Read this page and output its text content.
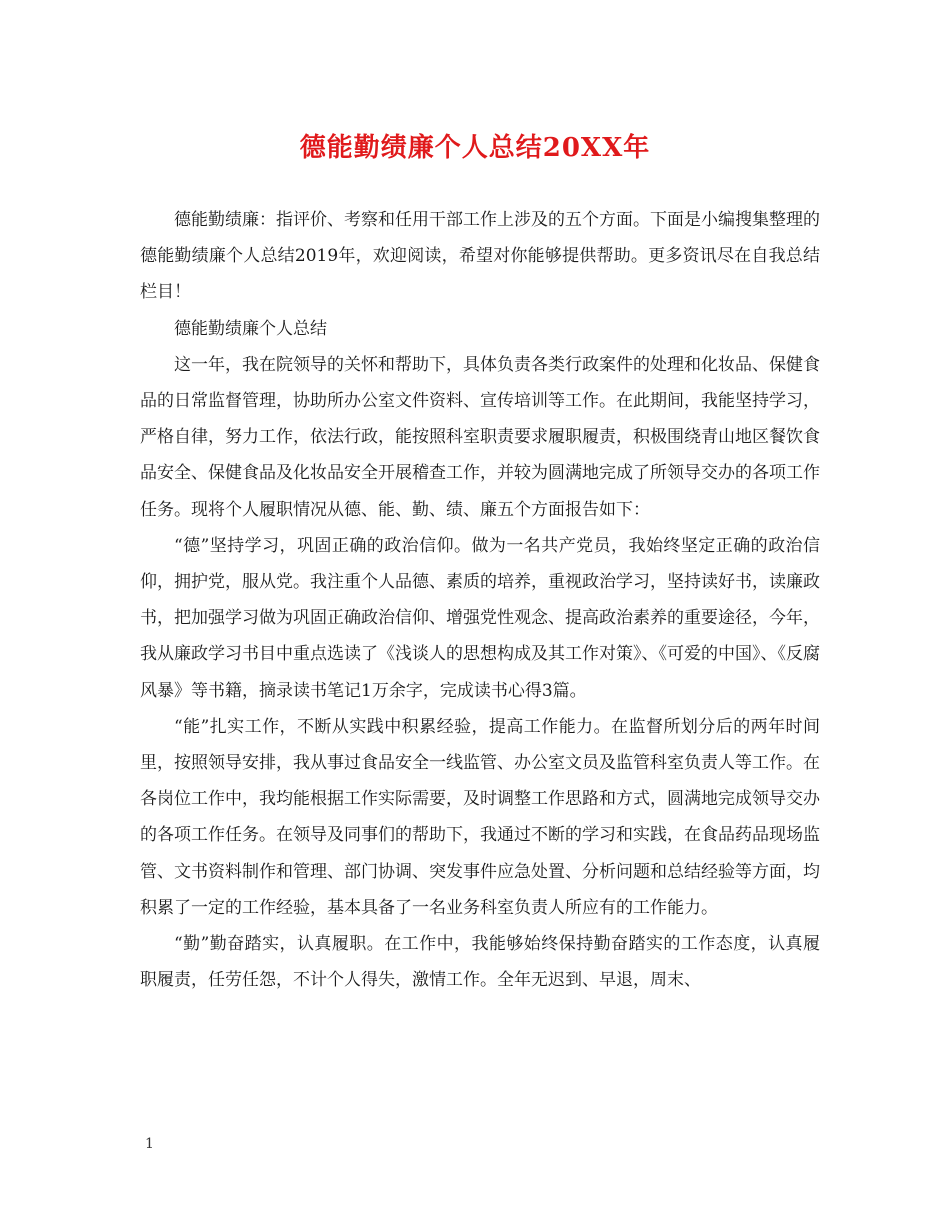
德能勤绩廉个人总结20XX年

德能勤绩廉：指评价、考察和任用干部工作上涉及的五个方面。下面是小编搜集整理的德能勤绩廉个人总结2019年，欢迎阅读，希望对你能够提供帮助。更多资讯尽在自我总结栏目！

德能勤绩廉个人总结

这一年，我在院领导的关怀和帮助下，具体负责各类行政案件的处理和化妆品、保健食品的日常监督管理，协助所办公室文件资料、宣传培训等工作。在此期间，我能坚持学习，严格自律，努力工作，依法行政，能按照科室职责要求履职履责，积极围绕青山地区餐饮食品安全、保健食品及化妆品安全开展稽查工作，并较为圆满地完成了所领导交办的各项工作任务。现将个人履职情况从德、能、勤、绩、廉五个方面报告如下：

“德”坚持学习，巩固正确的政治信仰。做为一名共产党员，我始终坚定正确的政治信仰，拥护党，服从党。我注重个人品德、素质的培养，重视政治学习，坚持读好书，读廉政书，把加强学习做为巩固正确政治信仰、增强党性观念、提高政治素养的重要途径，今年，我从廉政学习书目中重点选读了《浅谈人的思想构成及其工作对策》、《可爱的中国》、《反腐风暴》等书籍，摘录读书笔记1万余字，完成读书心得3篇。

“能”扎实工作，不断从实践中积累经验，提高工作能力。在监督所划分后的两年时间里，按照领导安排，我从事过食品安全一线监管、办公室文员及监管科室负责人等工作。在各岗位工作中，我均能根据工作实际需要，及时调整工作思路和方式，圆满地完成领导交办的各项工作任务。在领导及同事们的帮助下，我通过不断的学习和实践，在食品药品现场监管、文书资料制作和管理、部门协调、突发事件应急处置、分析问题和总结经验等方面，均积累了一定的工作经验，基本具备了一名业务科室负责人所应有的工作能力。

“勤”勤奋踏实，认真履职。在工作中，我能够始终保持勤奋踏实的工作态度，认真履职履责，任劳任怨，不计个人得失，激情工作。全年无迟到、早退，周末、

1
